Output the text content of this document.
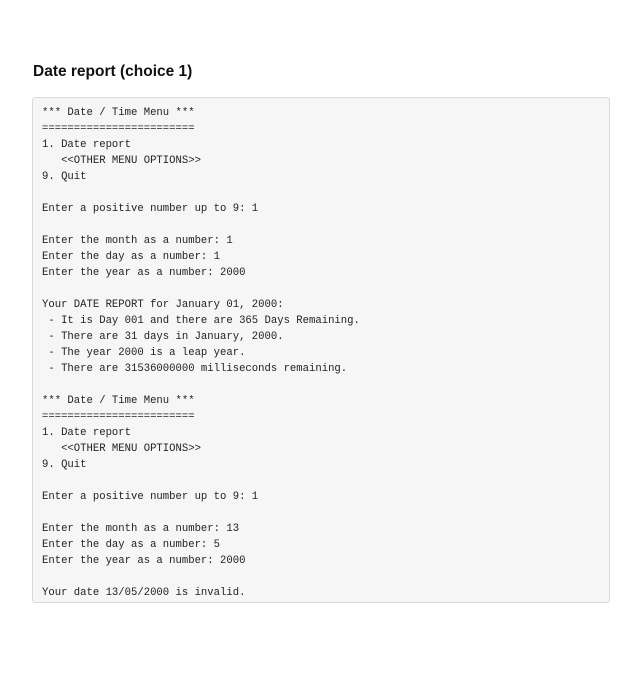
Date report (choice 1)
*** Date / Time Menu ***
========================
1. Date report
<<OTHER MENU OPTIONS>>
9. Quit
Enter a positive number up to 9: 1
Enter the month as a number: 1
Enter the day as a number: 1
Enter the year as a number: 2000
Your DATE REPORT for January 01, 2000:
- It is Day 001 and there are 365 Days Remaining.
- There are 31 days in January, 2000.
- The year 2000 is a leap year.
- There are 31536000000 milliseconds remaining.
*** Date / Time Menu ***
========================
1. Date report
<<OTHER MENU OPTIONS>>
9. Quit
Enter a positive number up to 9: 1
Enter the month as a number: 13
Enter the day as a number: 5
Enter the year as a number: 2000
Your date 13/05/2000 is invalid.
